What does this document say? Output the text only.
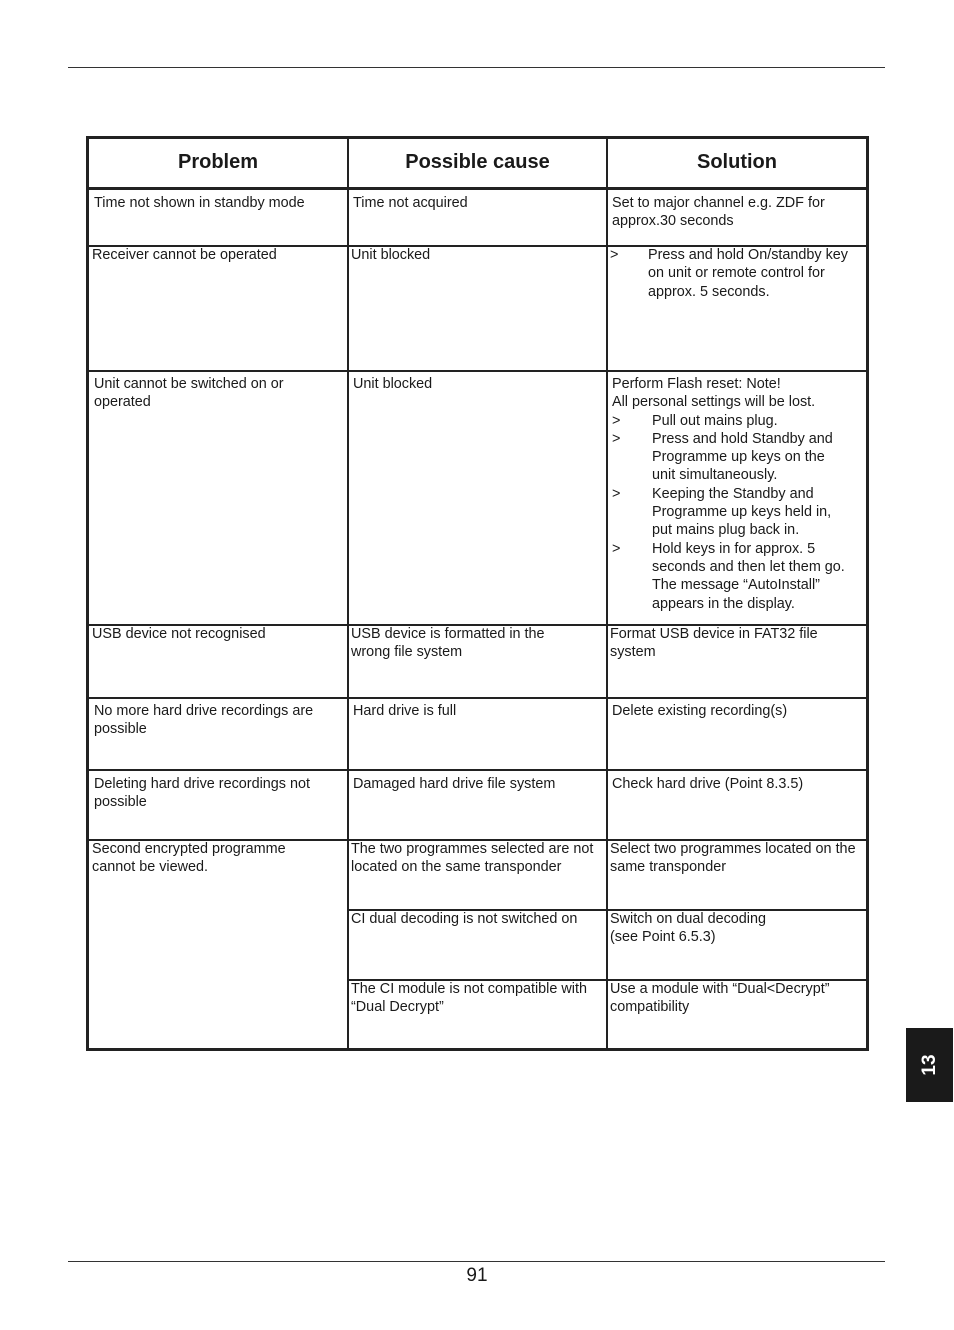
Problem	Possible cause	Solution
Time not shown in standby mode	Time not acquired	Set to major channel e.g. ZDF for approx.30 seconds
Receiver cannot be operated	Unit blocked
>	Press and hold On/standby key on unit or remote control for approx. 5 seconds.
Unit cannot be switched on or operated
Unit blocked	Perform Flash reset: Note!
All personal settings will be lost.
> Pull out mains plug.
> Press and hold Standby and Programme up keys on the unit simultaneously.
> Keeping the Standby and Programme up keys held in, put mains plug back in.
> Hold keys in for approx. 5 seconds and then let them go. The message “AutoInstall” appears in the display.
USB device not recognised	USB device is formatted in the wrong file system
Format USB device in FAT32 file system
No more hard drive recordings are possible
Hard drive is full	Delete existing recording(s)
Deleting hard drive recordings not possible
Damaged hard drive file system	Check hard drive (Point 8.3.5)
Second encrypted programme cannot be viewed.
The two programmes selected are not located on the same transponder
Select two programmes located on the same transponder
CI dual decoding is not switched on	Switch on dual decoding
(see Point 6.5.3)
The CI module is not compatible with “Dual Decrypt”
Use a module with “Dual<Decrypt” compatibility
13
91
